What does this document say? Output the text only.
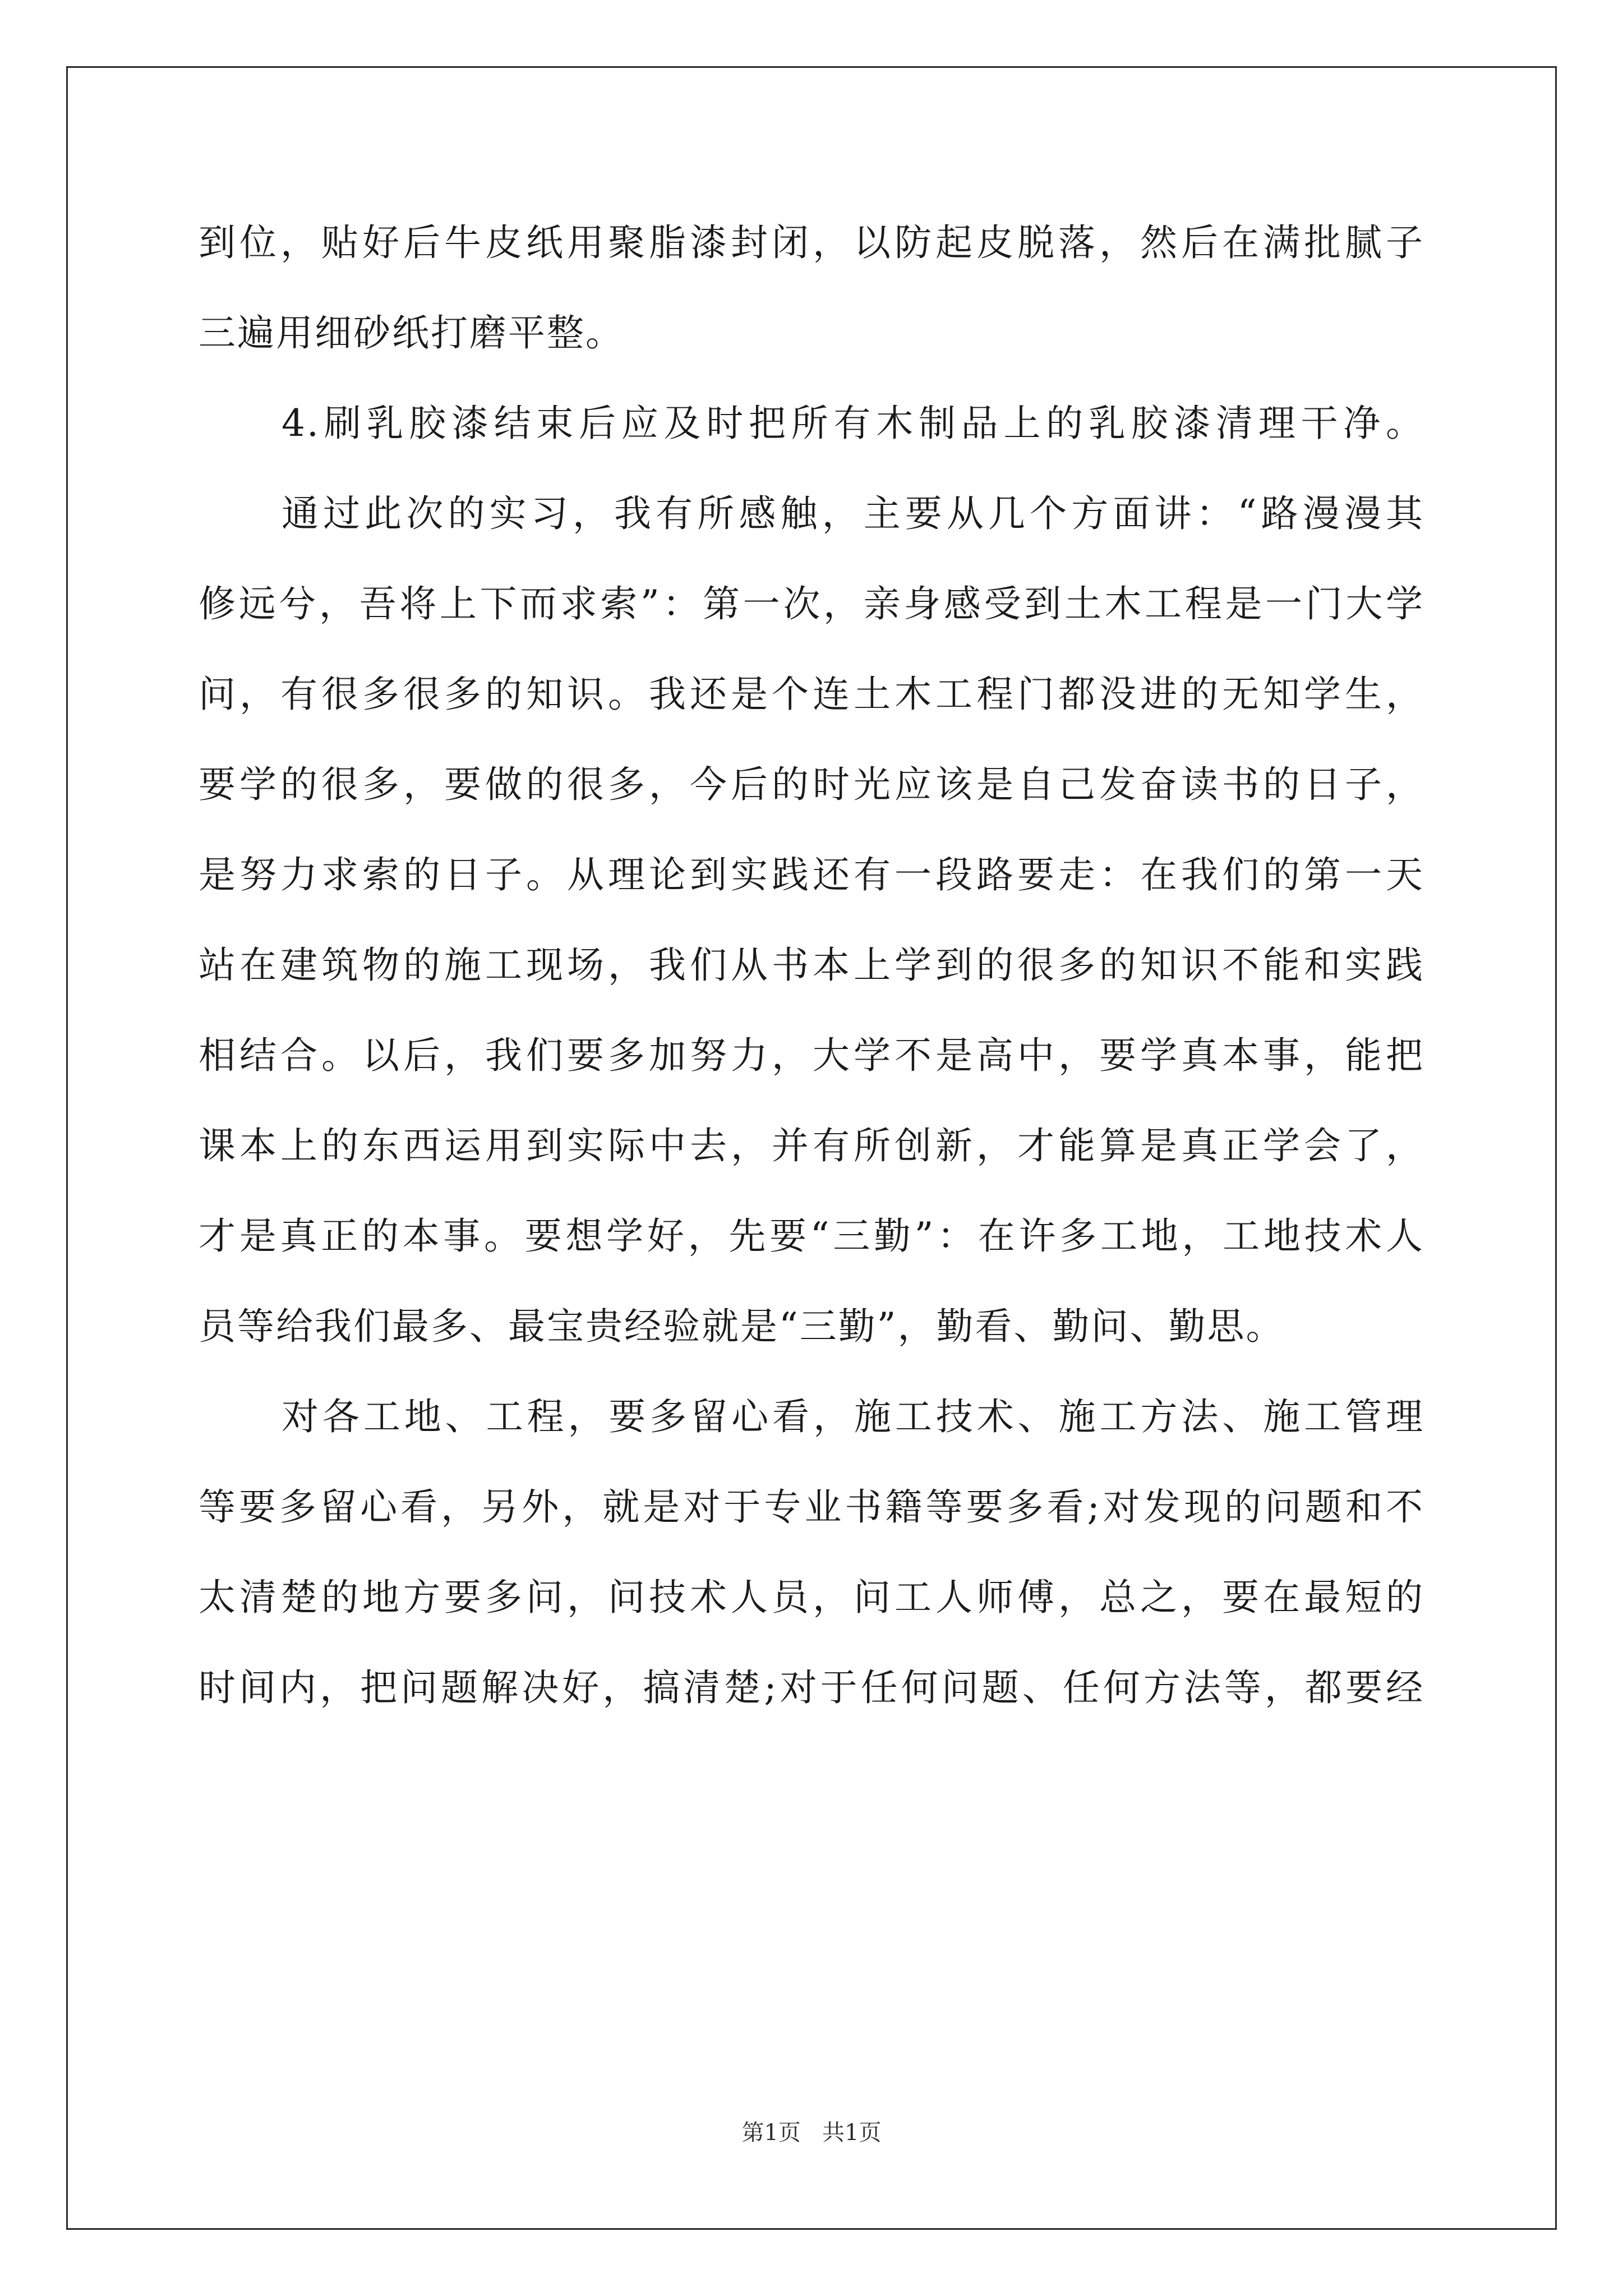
到位，贴好后牛皮纸用聚脂漆封闭，以防起皮脱落，然后在满批腻子
三遍用细砂纸打磨平整。
4.刷乳胶漆结束后应及时把所有木制品上的乳胶漆清理干净。
通过此次的实习，我有所感触，主要从几个方面讲：“路漫漫其
修远兮，吾将上下而求索”：第一次，亲身感受到土木工程是一门大学
问，有很多很多的知识。我还是个连土木工程门都没进的无知学生，
要学的很多，要做的很多，今后的时光应该是自己发奋读书的日子，
是努力求索的日子。从理论到实践还有一段路要走：在我们的第一天
站在建筑物的施工现场，我们从书本上学到的很多的知识不能和实践
相结合。以后，我们要多加努力，大学不是高中，要学真本事，能把
课本上的东西运用到实际中去，并有所创新，才能算是真正学会了，
才是真正的本事。要想学好，先要“三勤”：在许多工地，工地技术人
员等给我们最多、最宝贵经验就是“三勤”，勤看、勤问、勤思。
对各工地、工程，要多留心看，施工技术、施工方法、施工管理
等要多留心看，另外，就是对于专业书籍等要多看;对发现的问题和不
太清楚的地方要多问，问技术人员，问工人师傅，总之，要在最短的
时间内，把问题解决好，搞清楚;对于任何问题、任何方法等，都要经
第1页   共1页
